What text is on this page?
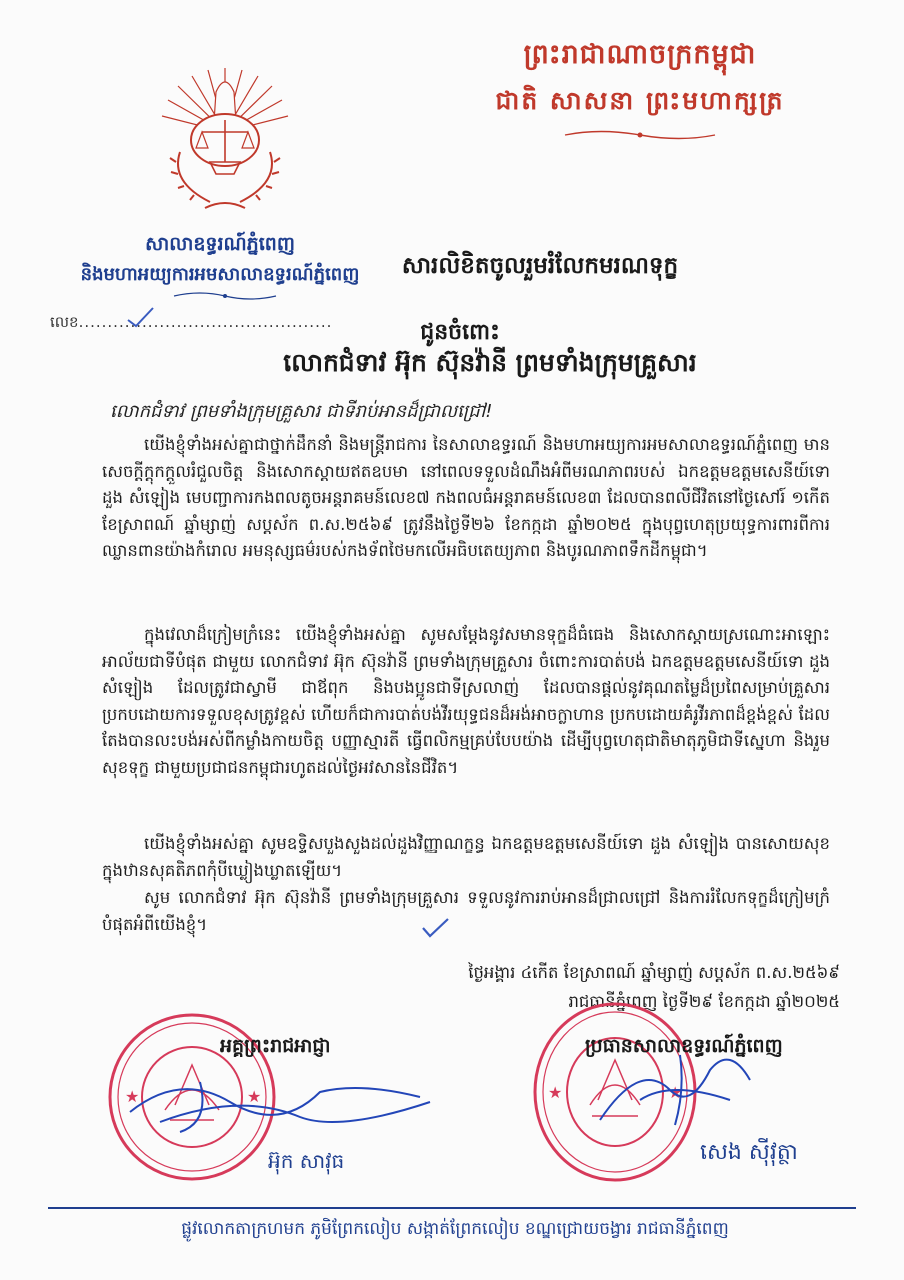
ព្រះរាជាណាចក្រកម្ពុជា
ជាតិ សាសនា ព្រះមហាក្សត្រ
សាលាឧទ្ធរណ៍ភ្នំពេញ
និងមហាអយ្យការអមសាលាឧទ្ធរណ៍ភ្នំពេញ
លេខ............................................
សារលិខិតចូលរួមរំលែកមរណទុក្ខ
ជូនចំពោះ
លោកជំទាវ អ៊ុក ស៊ុនវ៉ានី ព្រមទាំងក្រុមគ្រួសារ
លោកជំទាវ ព្រមទាំងក្រុមគ្រួសារ ជាទីរាប់អានដ៏ជ្រាលជ្រៅ!
យើងខ្ញុំទាំងអស់គ្នាជាថ្នាក់ដឹកនាំ និងមន្ត្រីរាជការ នៃសាលាឧទ្ធរណ៍ និងមហាអយ្យការអមសាលាឧទ្ធរណ៍ភ្នំពេញ មានសេចក្តីក្តុកក្តួលរំជួលចិត្ត និងសោកស្តាយឥតឧបមា នៅពេលទទួលដំណឹងអំពីមរណភាពរបស់ ឯកឧត្តមឧត្តមសេនីយ៍ទោ ដួង សំឡៀង មេបញ្ជាការកងពលតូចអន្តរាគមន៍លេខ៧ កងពលធំអន្តរាគមន៍លេខ៣ ដែលបានពលីជីវិតនៅថ្ងៃសៅរ៍ ១កើត ខែស្រាពណ៍ ឆ្នាំម្សាញ់ សប្តស័ក ព.ស.២៥៦៩ ត្រូវនឹងថ្ងៃទី២៦ ខែកក្កដា ឆ្នាំ២០២៥ ក្នុងបុព្វហេតុប្រយុទ្ធការពារពីការឈ្លានពានយ៉ាងកំរោល អមនុស្សធម៌របស់កងទ័ពថៃមកលើអធិបតេយ្យភាព និងបូរណភាពទឹកដីកម្ពុជា។
ក្នុងវេលាដ៏ក្រៀមក្រំនេះ យើងខ្ញុំទាំងអស់គ្នា សូមសម្តែងនូវសមានទុក្ខដ៏ធំធេង និងសោកស្តាយស្រណោះអាឡោះអាល័យជាទីបំផុត ជាមួយ លោកជំទាវ អ៊ុក ស៊ុនវ៉ានី ព្រមទាំងក្រុមគ្រួសារ ចំពោះការបាត់បង់ ឯកឧត្តមឧត្តមសេនីយ៍ទោ ដួង សំឡៀង ដែលត្រូវជាស្វាមី ជាឪពុក និងបងប្អូនជាទីស្រលាញ់ ដែលបានផ្តល់នូវគុណតម្លៃដ៏ប្រពៃសម្រាប់គ្រួសារ ប្រកបដោយការទទួលខុសត្រូវខ្ពស់ ហើយក៏ជាការបាត់បង់វីរយុទ្ធជនដ៏អង់អាចក្លាហាន ប្រកបដោយគំរូវីរភាពដ៏ខ្ពង់ខ្ពស់ ដែលតែងបានលះបង់អស់ពីកម្លាំងកាយចិត្ត បញ្ញាស្មារតី ធ្វើពលិកម្មគ្រប់បែបយ៉ាង ដើម្បីបុព្វហេតុជាតិមាតុភូមិជាទីស្នេហា និងរួមសុខទុក្ខ ជាមួយប្រជាជនកម្ពុជារហូតដល់ថ្ងៃអវសាននៃជីវិត។
យើងខ្ញុំទាំងអស់គ្នា សូមឧទ្ទិសបួងសួងដល់ដួងវិញ្ញាណក្ខន្ធ ឯកឧត្តមឧត្តមសេនីយ៍ទោ ដួង សំឡៀង បានសោយសុខក្នុងឋានសុគតិភពកុំបីឃ្លៀងឃ្លាតឡើយ។
សូម លោកជំទាវ អ៊ុក ស៊ុនវ៉ានី ព្រមទាំងក្រុមគ្រួសារ ទទួលនូវការរាប់អានដ៏ជ្រាលជ្រៅ និងការរំលែកទុក្ខដ៏ក្រៀមក្រំបំផុតអំពីយើងខ្ញុំ។
ថ្ងៃអង្គារ ៤កើត ខែស្រាពណ៍ ឆ្នាំម្សាញ់ សប្តស័ក ព.ស.២៥៦៩
រាជធានីភ្នំពេញ ថ្ងៃទី២៩ ខែកក្កដា ឆ្នាំ២០២៥
★	★	★	★
អគ្គព្រះរាជអាជ្ញា	ប្រធានសាលាឧទ្ធរណ៍ភ្នំពេញ
អ៊ុក សាវុធ	សេង ស៊ីវុត្ថា
ផ្លូវលោកតាក្រហមក ភូមិព្រែកលៀប សង្កាត់ព្រែកលៀប ខណ្ឌជ្រោយចង្វារ រាជធានីភ្នំពេញ
